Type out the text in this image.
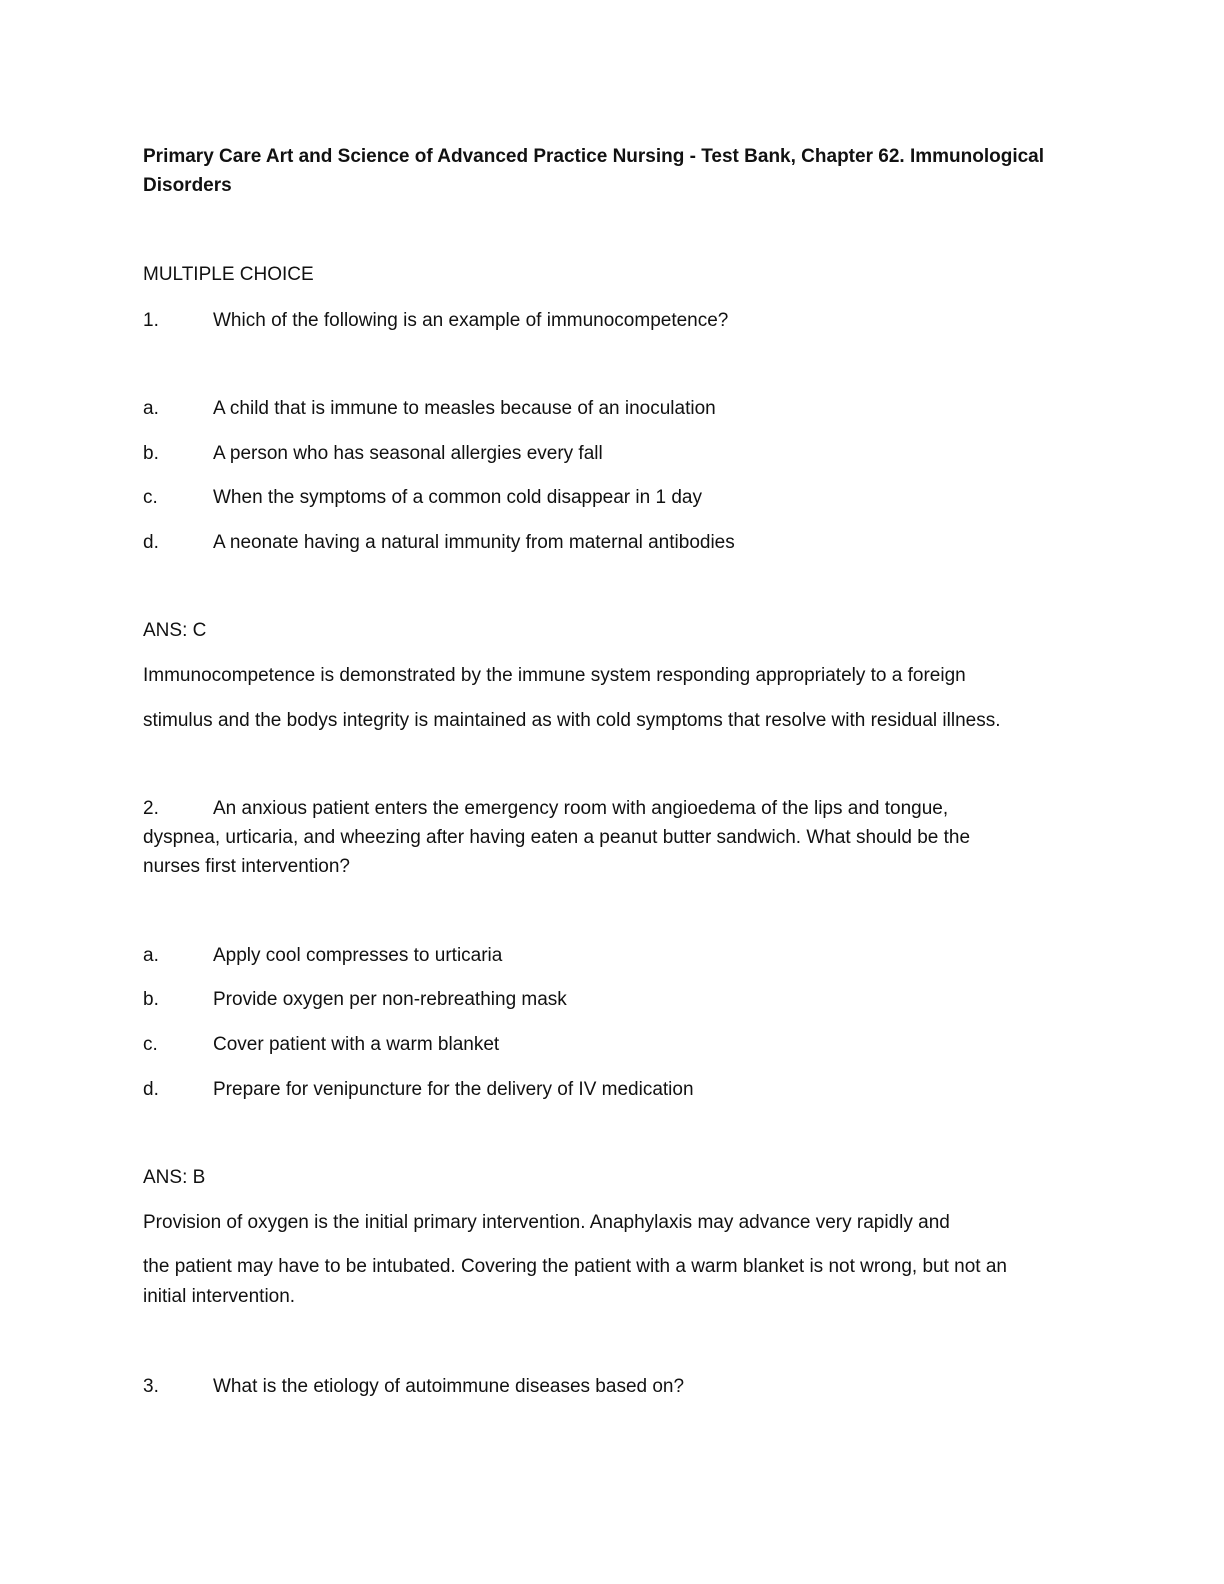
Primary Care Art and Science of Advanced Practice Nursing - Test Bank, Chapter 62. Immunological Disorders
MULTIPLE CHOICE
1.	Which of the following is an example of immunocompetence?
a.	A child that is immune to measles because of an inoculation
b.	A person who has seasonal allergies every fall
c.	When the symptoms of a common cold disappear in 1 day
d.	A neonate having a natural immunity from maternal antibodies
ANS: C
Immunocompetence is demonstrated by the immune system responding appropriately to a foreign
stimulus and the bodys integrity is maintained as with cold symptoms that resolve with residual illness.
2.	An anxious patient enters the emergency room with angioedema of the lips and tongue,
dyspnea, urticaria, and wheezing after having eaten a peanut butter sandwich. What should be the
nurses first intervention?
a.	Apply cool compresses to urticaria
b.	Provide oxygen per non-rebreathing mask
c.	Cover patient with a warm blanket
d.	Prepare for venipuncture for the delivery of IV medication
ANS: B
Provision of oxygen is the initial primary intervention. Anaphylaxis may advance very rapidly and
the patient may have to be intubated. Covering the patient with a warm blanket is not wrong, but not an
initial intervention.
3.	What is the etiology of autoimmune diseases based on?
